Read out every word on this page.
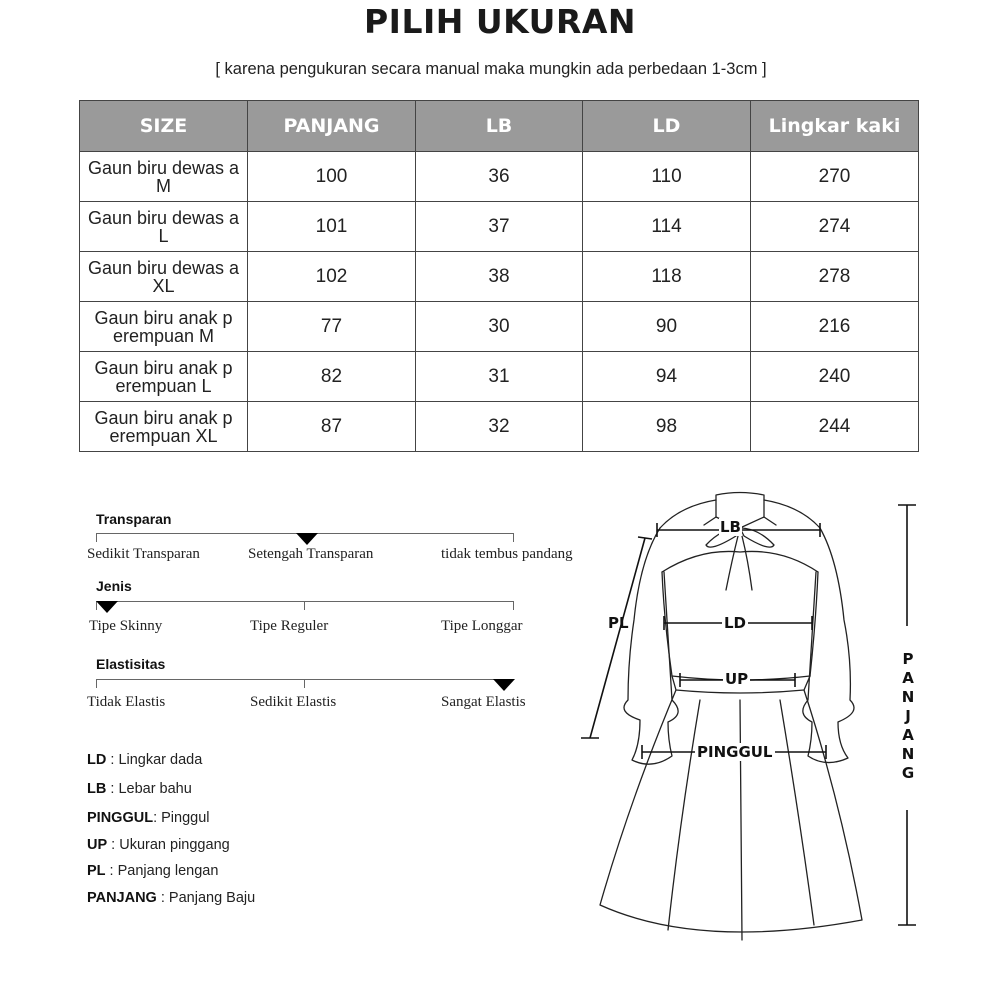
PILIH UKURAN
[ karena pengukuran secara manual maka mungkin ada perbedaan 1-3cm ]
SIZE	PANJANG	LB	LD	Lingkar kaki
Gaun biru dewas a M	100	36	110	270
Gaun biru dewas a L	101	37	114	274
Gaun biru dewas a XL	102	38	118	278
Gaun biru anak p erempuan M	77	30	90	216
Gaun biru anak p erempuan L	82	31	94	240
Gaun biru anak p erempuan XL	87	32	98	244
Transparan
Sedikit Transparan	Setengah Transparan	tidak tembus pandang
Jenis
Tipe Skinny	Tipe Reguler	Tipe Longgar
Elastisitas
Tidak Elastis	Sedikit Elastis	Sangat Elastis
LD : Lingkar dada
LB : Lebar bahu
PINGGUL: Pinggul
UP : Ukuran pinggang
PL : Panjang lengan
PANJANG : Panjang Baju
LB
LD
UP
PL
PINGGUL
P
A
N
J
A
N
G
